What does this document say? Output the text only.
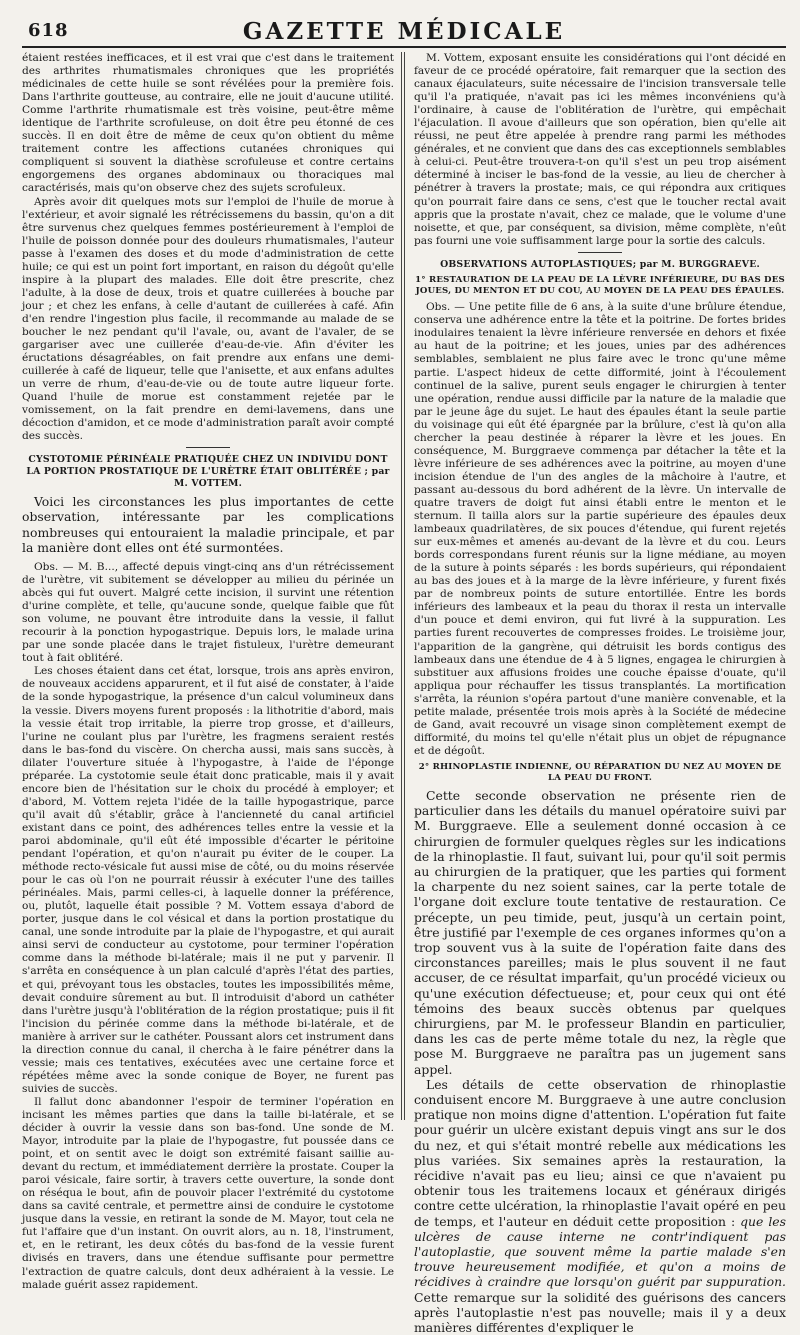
618	GAZETTE MÉDICALE

étaient restées inefficaces, et il est vrai que c'est dans le traitement des arthrites rhumatismales chroniques que les propriétés médicinales de cette huile se sont révélées pour la première fois. Dans l'arthrite goutteuse, au contraire, elle ne jouit d'aucune utilité. Comme l'arthrite rhumatismale est très voisine, peut-être même identique de l'arthrite scrofuleuse, on doit être peu étonné de ces succès. Il en doit être de même de ceux qu'on obtient du même traitement contre les affections cutanées chroniques qui compliquent si souvent la diathèse scrofuleuse et contre certains engorgemens des organes abdominaux ou thoraciques mal caractérisés, mais qu'on observe chez des sujets scrofuleux.

Après avoir dit quelques mots sur l'emploi de l'huile de morue à l'extérieur, et avoir signalé les rétrécissemens du bassin, qu'on a dit être survenus chez quelques femmes postérieurement à l'emploi de l'huile de poisson donnée pour des douleurs rhumatismales, l'auteur passe à l'examen des doses et du mode d'administration de cette huile; ce qui est un point fort important, en raison du dégoût qu'elle inspire à la plupart des malades. Elle doit être prescrite, chez l'adulte, à la dose de deux, trois et quatre cuillerées à bouche par jour ; et chez les enfans, à celle d'autant de cuillerées à café. Afin d'en rendre l'ingestion plus facile, il recommande au malade de se boucher le nez pendant qu'il l'avale, ou, avant de l'avaler, de se gargariser avec une cuillerée d'eau-de-vie. Afin d'éviter les éructations désagréables, on fait prendre aux enfans une demi-cuillerée à café de liqueur, telle que l'anisette, et aux enfans adultes un verre de rhum, d'eau-de-vie ou de toute autre liqueur forte. Quand l'huile de morue est constamment rejetée par le vomissement, on la fait prendre en demi-lavemens, dans une décoction d'amidon, et ce mode d'administration paraît avoir compté des succès.

CYSTOTOMIE PÉRINÉALE PRATIQUÉE CHEZ UN INDIVIDU DONT LA PORTION PROSTATIQUE DE L'URÈTRE ÉTAIT OBLITÉRÉE ; par M. VOTTEM.

Voici les circonstances les plus importantes de cette observation, intéressante par les complications nombreuses qui entouraient la maladie principale, et par la manière dont elles ont été surmontées.

Obs. — M. B..., affecté depuis vingt-cinq ans d'un rétrécissement de l'urètre, vit subitement se développer au milieu du périnée un abcès qui fut ouvert. Malgré cette incision, il survint une rétention d'urine complète, et telle, qu'aucune sonde, quelque faible que fût son volume, ne pouvant être introduite dans la vessie, il fallut recourir à la ponction hypogastrique. Depuis lors, le malade urina par une sonde placée dans le trajet fistuleux, l'urètre demeurant tout à fait oblitéré.

Les choses étaient dans cet état, lorsque, trois ans après environ, de nouveaux accidens apparurent, et il fut aisé de constater, à l'aide de la sonde hypogastrique, la présence d'un calcul volumineux dans la vessie. Divers moyens furent proposés : la lithotritie d'abord, mais la vessie était trop irritable, la pierre trop grosse, et d'ailleurs, l'urine ne coulant plus par l'urètre, les fragmens seraient restés dans le bas-fond du viscère. On chercha aussi, mais sans succès, à dilater l'ouverture située à l'hypogastre, à l'aide de l'éponge préparée. La cystotomie seule était donc praticable, mais il y avait encore bien de l'hésitation sur le choix du procédé à employer; et d'abord, M. Vottem rejeta l'idée de la taille hypogastrique, parce qu'il avait dû s'établir, grâce à l'ancienneté du canal artificiel existant dans ce point, des adhérences telles entre la vessie et la paroi abdominale, qu'il eût été impossible d'écarter le péritoine pendant l'opération, et qu'on n'aurait pu éviter de le couper. La méthode recto-vésicale fut aussi mise de côté, ou du moins réservée pour le cas où l'on ne pourrait réussir à exécuter l'une des tailles périnéales. Mais, parmi celles-ci, à laquelle donner la préférence, ou, plutôt, laquelle était possible ? M. Vottem essaya d'abord de porter, jusque dans le col vésical et dans la portion prostatique du canal, une sonde introduite par la plaie de l'hypogastre, et qui aurait ainsi servi de conducteur au cystotome, pour terminer l'opération comme dans la méthode bi-latérale; mais il ne put y parvenir. Il s'arrêta en conséquence à un plan calculé d'après l'état des parties, et qui, prévoyant tous les obstacles, toutes les impossibilités même, devait conduire sûrement au but. Il introduisit d'abord un cathéter dans l'urètre jusqu'à l'oblitération de la région prostatique; puis il fit l'incision du périnée comme dans la méthode bi-latérale, et de manière à arriver sur le cathéter. Poussant alors cet instrument dans la direction connue du canal, il chercha à le faire pénétrer dans la vessie; mais ces tentatives, exécutées avec une certaine force et répétées même avec la sonde conique de Boyer, ne furent pas suivies de succès.

Il fallut donc abandonner l'espoir de terminer l'opération en incisant les mêmes parties que dans la taille bi-latérale, et se décider à ouvrir la vessie dans son bas-fond. Une sonde de M. Mayor, introduite par la plaie de l'hypogastre, fut poussée dans ce point, et on sentit avec le doigt son extrémité faisant saillie au-devant du rectum, et immédiatement derrière la prostate. Couper la paroi vésicale, faire sortir, à travers cette ouverture, la sonde dont on réséqua le bout, afin de pouvoir placer l'extrémité du cystotome dans sa cavité centrale, et permettre ainsi de conduire le cystotome jusque dans la vessie, en retirant la sonde de M. Mayor, tout cela ne fut l'affaire que d'un instant. On ouvrit alors, au n. 18, l'instrument, et, en le retirant, les deux côtés du bas-fond de la vessie furent divisés en travers, dans une étendue suffisante pour permettre l'extraction de quatre calculs, dont deux adhéraient à la vessie. Le malade guérit assez rapidement.

M. Vottem, exposant ensuite les considérations qui l'ont décidé en faveur de ce procédé opératoire, fait remarquer que la section des canaux éjaculateurs, suite nécessaire de l'incision transversale telle qu'il l'a pratiquée, n'avait pas ici les mêmes inconvéniens qu'à l'ordinaire, à cause de l'oblitération de l'urètre, qui empêchait l'éjaculation. Il avoue d'ailleurs que son opération, bien qu'elle ait réussi, ne peut être appelée à prendre rang parmi les méthodes générales, et ne convient que dans des cas exceptionnels semblables à celui-ci. Peut-être trouvera-t-on qu'il s'est un peu trop aisément déterminé à inciser le bas-fond de la vessie, au lieu de chercher à pénétrer à travers la prostate; mais, ce qui répondra aux critiques qu'on pourrait faire dans ce sens, c'est que le toucher rectal avait appris que la prostate n'avait, chez ce malade, que le volume d'une noisette, et que, par conséquent, sa division, même complète, n'eût pas fourni une voie suffisamment large pour la sortie des calculs.

OBSERVATIONS AUTOPLASTIQUES; par M. BURGGRAEVE.
1° RESTAURATION DE LA PEAU DE LA LÈVRE INFÉRIEURE, DU BAS DES JOUES, DU MENTON ET DU COU, AU MOYEN DE LA PEAU DES ÉPAULES.

Obs. — Une petite fille de 6 ans, à la suite d'une brûlure étendue, conserva une adhérence entre la tête et la poitrine. De fortes brides inodulaires tenaient la lèvre inférieure renversée en dehors et fixée au haut de la poitrine; et les joues, unies par des adhérences semblables, semblaient ne plus faire avec le tronc qu'une même partie. L'aspect hideux de cette difformité, joint à l'écoulement continuel de la salive, purent seuls engager le chirurgien à tenter une opération, rendue aussi difficile par la nature de la maladie que par le jeune âge du sujet. Le haut des épaules étant la seule partie du voisinage qui eût été épargnée par la brûlure, c'est là qu'on alla chercher la peau destinée à réparer la lèvre et les joues. En conséquence, M. Burggraeve commença par détacher la tête et la lèvre inférieure de ses adhérences avec la poitrine, au moyen d'une incision étendue de l'un des angles de la mâchoire à l'autre, et passant au-dessous du bord adhérent de la lèvre. Un intervalle de quatre travers de doigt fut ainsi établi entre le menton et le sternum. Il tailla alors sur la partie supérieure des épaules deux lambeaux quadrilatères, de six pouces d'étendue, qui furent rejetés sur eux-mêmes et amenés au-devant de la lèvre et du cou. Leurs bords correspondans furent réunis sur la ligne médiane, au moyen de la suture à points séparés : les bords supérieurs, qui répondaient au bas des joues et à la marge de la lèvre inférieure, y furent fixés par de nombreux points de suture entortillée. Entre les bords inférieurs des lambeaux et la peau du thorax il resta un intervalle d'un pouce et demi environ, qui fut livré à la suppuration. Les parties furent recouvertes de compresses froides. Le troisième jour, l'apparition de la gangrène, qui détruisit les bords contigus des lambeaux dans une étendue de 4 à 5 lignes, engagea le chirurgien à substituer aux affusions froides une couche épaisse d'ouate, qu'il appliqua pour réchauffer les tissus transplantés. La mortification s'arrêta, la réunion s'opéra partout d'une manière convenable, et la petite malade, présentée trois mois après à la Société de médecine de Gand, avait recouvré un visage sinon complètement exempt de difformité, du moins tel qu'elle n'était plus un objet de répugnance et de dégoût.

2° RHINOPLASTIE INDIENNE, OU RÉPARATION DU NEZ AU MOYEN DE LA PEAU DU FRONT.

Cette seconde observation ne présente rien de particulier dans les détails du manuel opératoire suivi par M. Burggraeve. Elle a seulement donné occasion à ce chirurgien de formuler quelques règles sur les indications de la rhinoplastie. Il faut, suivant lui, pour qu'il soit permis au chirurgien de la pratiquer, que les parties qui forment la charpente du nez soient saines, car la perte totale de l'organe doit exclure toute tentative de restauration. Ce précepte, un peu timide, peut, jusqu'à un certain point, être justifié par l'exemple de ces organes informes qu'on a trop souvent vus à la suite de l'opération faite dans des circonstances pareilles; mais le plus souvent il ne faut accuser, de ce résultat imparfait, qu'un procédé vicieux ou qu'une exécution défectueuse; et, pour ceux qui ont été témoins des beaux succès obtenus par quelques chirurgiens, par M. le professeur Blandin en particulier, dans les cas de perte même totale du nez, la règle que pose M. Burggraeve ne paraîtra pas un jugement sans appel.

Les détails de cette observation de rhinoplastie conduisent encore M. Burggraeve à une autre conclusion pratique non moins digne d'attention. L'opération fut faite pour guérir un ulcère existant depuis vingt ans sur le dos du nez, et qui s'était montré rebelle aux médications les plus variées. Six semaines après la restauration, la récidive n'avait pas eu lieu; ainsi ce que n'avaient pu obtenir tous les traitemens locaux et généraux dirigés contre cette ulcération, la rhinoplastie l'avait opéré en peu de temps, et l'auteur en déduit cette proposition : que les ulcères de cause interne ne contr'indiquent pas l'autoplastie, que souvent même la partie malade s'en trouve heureusement modifiée, et qu'on a moins de récidives à craindre que lorsqu'on guérit par suppuration. Cette remarque sur la solidité des guérisons des cancers après l'autoplastie n'est pas nouvelle; mais il y a deux manières différentes d'expliquer le
